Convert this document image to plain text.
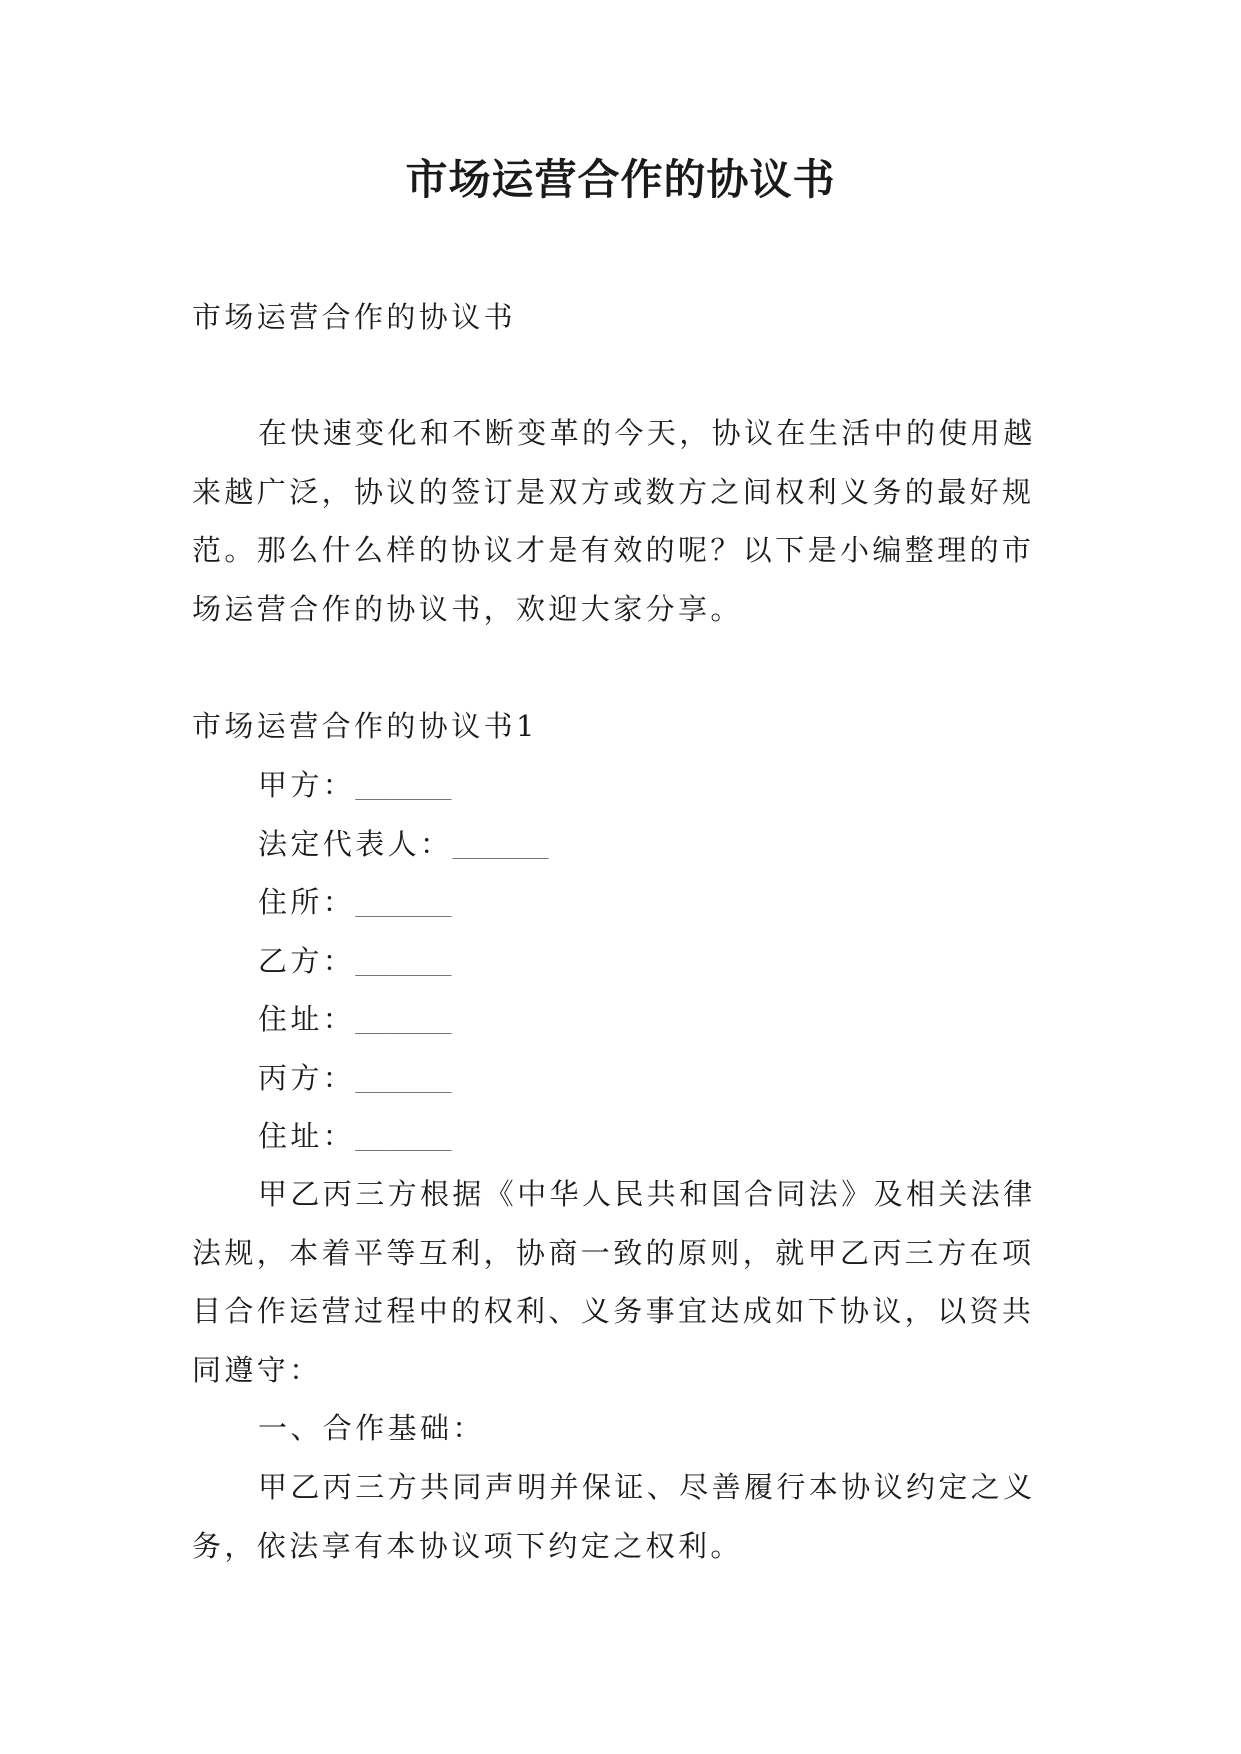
市场运营合作的协议书

市场运营合作的协议书

在快速变化和不断变革的今天，协议在生活中的使用越来越广泛，协议的签订是双方或数方之间权利义务的最好规范。那么什么样的协议才是有效的呢？以下是小编整理的市场运营合作的协议书，欢迎大家分享。

市场运营合作的协议书1

甲方：________
法定代表人：________
住所：________
乙方：________
住址：________
丙方：________
住址：________

甲乙丙三方根据《中华人民共和国合同法》及相关法律法规，本着平等互利，协商一致的原则，就甲乙丙三方在项目合作运营过程中的权利、义务事宜达成如下协议，以资共同遵守：

一、合作基础：

甲乙丙三方共同声明并保证、尽善履行本协议约定之义务，依法享有本协议项下约定之权利。
